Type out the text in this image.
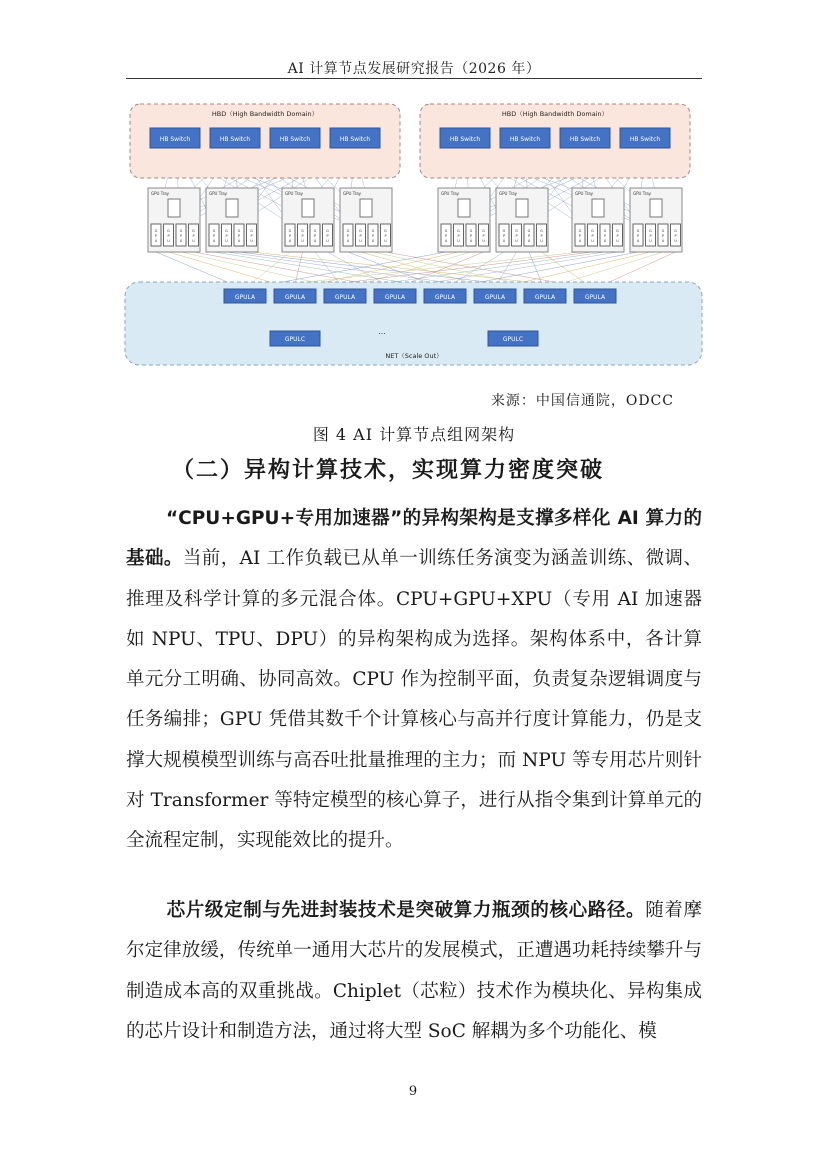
AI 计算节点发展研究报告（2026 年）
NET（Scale Out）
HBD（High Bandwidth Domain）
HB Switch	HB Switch	HB Switch	HB Switch
GPU Tray
G
P
U
G
P
U
G
P
U
G
P
U
GPU Tray
G
P
U
G
P
U
G
P
U
G
P
U
GPU Tray
G
P
U
G
P
U
G
P
U
G
P
U
GPU Tray
G
P
U
G
P
U
G
P
U
G
P
U
HBD（High Bandwidth Domain）
HB Switch	HB Switch	HB Switch	HB Switch
GPU Tray
G
P
U
G
P
U
G
P
U
G
P
U
GPU Tray
G
P
U
G
P
U
G
P
U
G
P
U
GPU Tray
G
P
U
G
P
U
G
P
U
G
P
U
GPU Tray
G
P
U
G
P
U
G
P
U
G
P
U
GPULA	GPULA	GPULA	GPULA	GPULA	GPULA	GPULA	GPULA
GPULC	GPULC
...
来源：中国信通院，ODCC
图 4 AI 计算节点组网架构
（二）异构计算技术，实现算力密度突破
“CPU+GPU+专用加速器”的异构架构是支撑多样化 AI 算力的基础。当前，AI 工作负载已从单一训练任务演变为涵盖训练、微调、推理及科学计算的多元混合体。CPU+GPU+XPU（专用 AI 加速器如 NPU、TPU、DPU）的异构架构成为选择。架构体系中，各计算单元分工明确、协同高效。CPU 作为控制平面，负责复杂逻辑调度与任务编排；GPU 凭借其数千个计算核心与高并行度计算能力，仍是支撑大规模模型训练与高吞吐批量推理的主力；而 NPU 等专用芯片则针对 Transformer 等特定模型的核心算子，进行从指令集到计算单元的全流程定制，实现能效比的提升。
芯片级定制与先进封装技术是突破算力瓶颈的核心路径。随着摩尔定律放缓，传统单一通用大芯片的发展模式，正遭遇功耗持续攀升与制造成本高的双重挑战。Chiplet（芯粒）技术作为模块化、异构集成的芯片设计和制造方法，通过将大型 SoC 解耦为多个功能化、模
9
